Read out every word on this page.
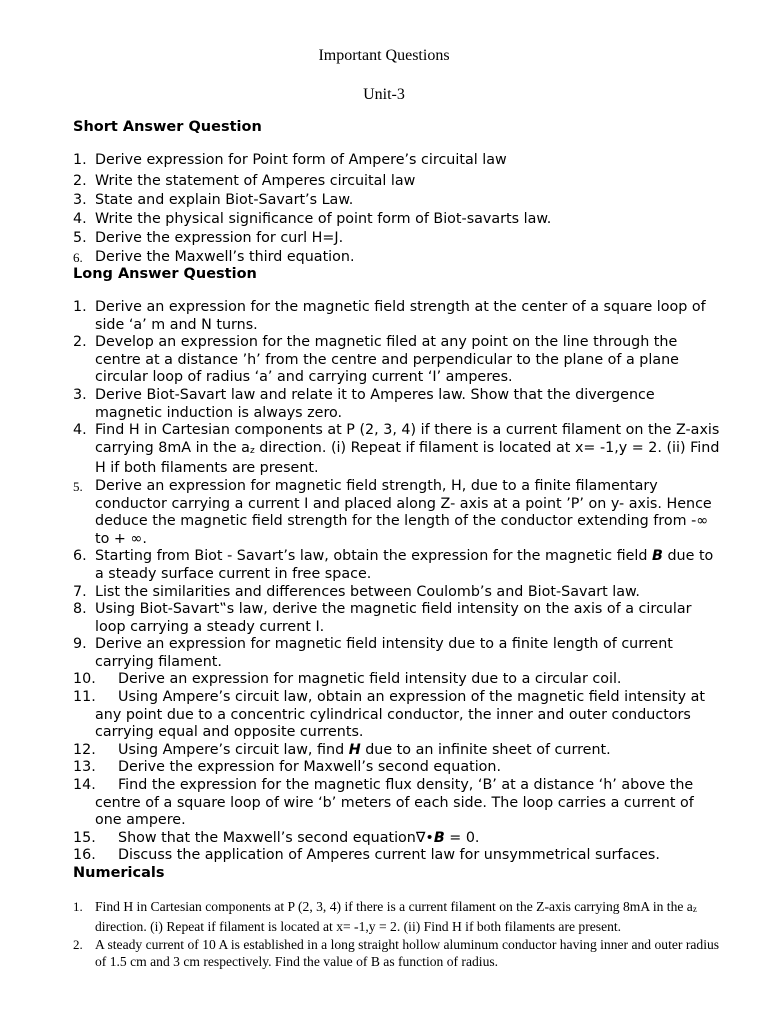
Important Questions
Unit-3
Short Answer Question
1. Derive expression for Point form of Ampere’s circuital law
2. Write the statement of Amperes circuital law
3. State and explain Biot-Savart’s Law.
4. Write the physical significance of point form of Biot-savarts law.
5. Derive the expression for curl H=J.
6. Derive the Maxwell’s third equation.
Long Answer Question
1. Derive an expression for the magnetic field strength at the center of a square loop of side ‘a’ m and N turns.
2. Develop an expression for the magnetic filed at any point on the line through the centre at a distance ’h’ from the centre and perpendicular to the plane of a plane circular loop of radius ‘a’ and carrying current ‘I’ amperes.
3. Derive Biot-Savart law and relate it to Amperes law. Show that the divergence magnetic induction is always zero.
4. Find H in Cartesian components at P (2, 3, 4) if there is a current filament on the Z-axis carrying 8mA in the az direction. (i) Repeat if filament is located at x= -1,y = 2. (ii) Find H if both filaments are present.
5. Derive an expression for magnetic field strength, H, due to a finite filamentary conductor carrying a current I and placed along Z- axis at a point ’P’ on y- axis. Hence deduce the magnetic field strength for the length of the conductor extending from -∞ to + ∞.
6. Starting from Biot - Savart’s law, obtain the expression for the magnetic field B due to a steady surface current in free space.
7. List the similarities and differences between Coulomb’s and Biot-Savart law.
8. Using Biot-Savart‟s law, derive the magnetic field intensity on the axis of a circular loop carrying a steady current I.
9. Derive an expression for magnetic field intensity due to a finite length of current carrying filament.
10. Derive an expression for magnetic field intensity due to a circular coil.
11. Using Ampere’s circuit law, obtain an expression of the magnetic field intensity at any point due to a concentric cylindrical conductor, the inner and outer conductors carrying equal and opposite currents.
12. Using Ampere’s circuit law, find H due to an infinite sheet of current.
13. Derive the expression for Maxwell’s second equation.
14. Find the expression for the magnetic flux density, ‘B’ at a distance ‘h’ above the centre of a square loop of wire ‘b’ meters of each side. The loop carries a current of one ampere.
15. Show that the Maxwell’s second equation∇•B = 0.
16. Discuss the application of Amperes current law for unsymmetrical surfaces.
Numericals
1. Find H in Cartesian components at P (2, 3, 4) if there is a current filament on the Z-axis carrying 8mA in the az direction. (i) Repeat if filament is located at x= -1,y = 2. (ii) Find H if both filaments are present.
2. A steady current of 10 A is established in a long straight hollow aluminum conductor having inner and outer radius of 1.5 cm and 3 cm respectively. Find the value of B as function of radius.
